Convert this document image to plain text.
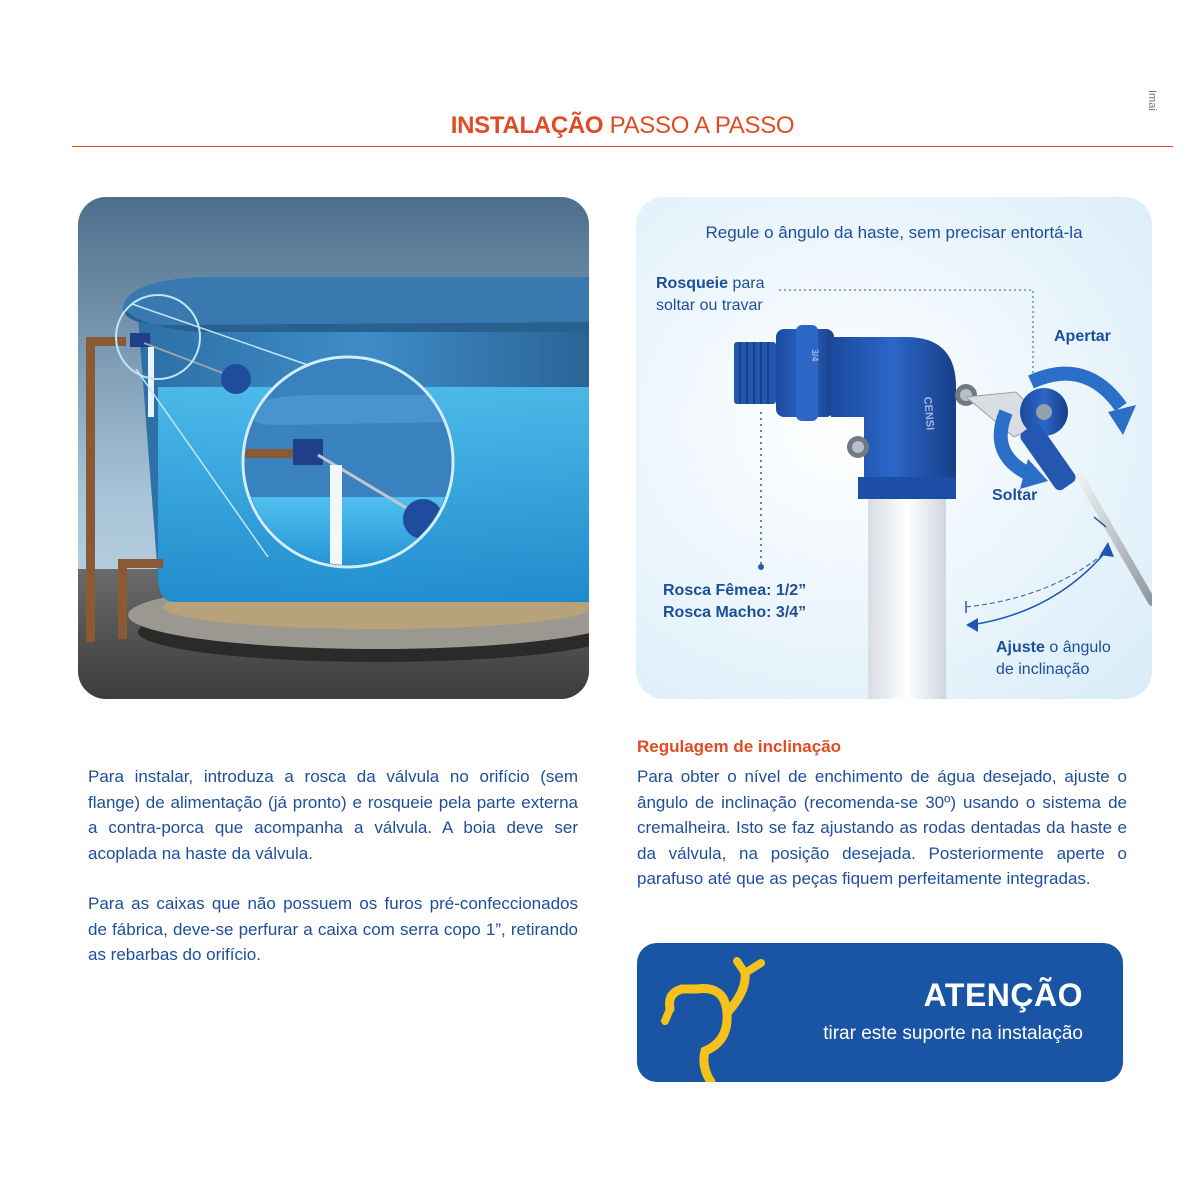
Imai
INSTALAÇÃO PASSO A PASSO
3/4
CENSI
Regule o ângulo da haste, sem precisar entortá-la
Rosqueie para
soltar ou travar
Apertar
Soltar
Rosca Fêmea: 1/2”
Rosca Macho: 3/4”
Ajuste o ângulo
de inclinação
Para instalar, introduza a rosca da válvula no orifício (sem flange) de alimentação (já pronto) e rosqueie pela parte externa a contra-porca que acompanha a válvula. A boia deve ser acoplada na haste da válvula.
Para as caixas que não possuem os furos pré-confeccionados de fábrica, deve-se perfurar a caixa com serra copo 1”, retirando as rebarbas do orifício.
Regulagem de inclinação
Para obter o nível de enchimento de água desejado, ajuste o ângulo de inclinação (recomenda-se 30º) usando o sistema de cremalheira. Isto se faz ajustando as rodas dentadas da haste e da válvula, na posição desejada. Posteriormente aperte o parafuso até que as peças fiquem perfeitamente integradas.
ATENÇÃO
tirar este suporte na instalação
